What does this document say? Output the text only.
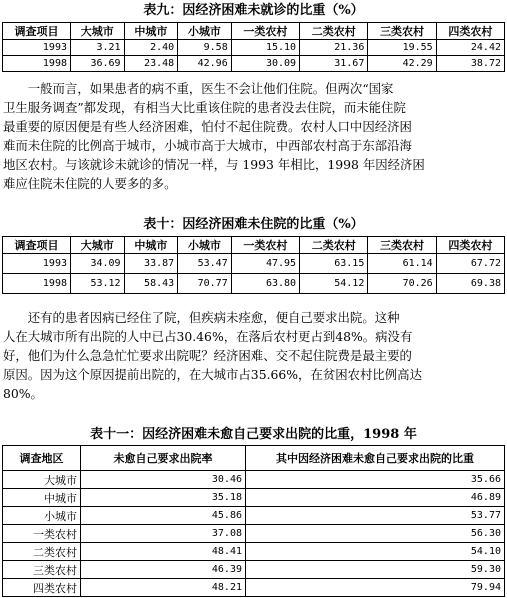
表九：因经济困难未就诊的比重（%）
调查项目	大城市	中城市	小城市	一类农村	二类农村	三类农村	四类农村
1993	3.21	2.40	9.58	15.10	21.36	19.55	24.42
1998	36.69	23.48	42.96	30.09	31.67	42.29	38.72
　　一般而言，如果患者的病不重，医生不会让他们住院。但两次“国家
卫生服务调查”都发现，有相当大比重该住院的患者没去住院，而未能住院
最重要的原因便是有些人经济困难，怕付不起住院费。农村人口中因经济困
难而未住院的比例高于城市，小城市高于大城市，中西部农村高于东部沿海
地区农村。与该就诊未就诊的情况一样，与 1993 年相比，1998 年因经济困
难应住院未住院的人要多的多。
表十：因经济困难未住院的比重（%）
调查项目	大城市	中城市	小城市	一类农村	二类农村	三类农村	四类农村
1993	34.09	33.87	53.47	47.95	63.15	61.14	67.72
1998	53.12	58.43	70.77	63.80	54.12	70.26	69.38
　　还有的患者因病已经住了院，但疾病未痊愈，便自己要求出院。这种
人在大城市所有出院的人中已占30.46%，在落后农村更占到48%。病没有
好，他们为什么急急忙忙要求出院呢？经济困难、交不起住院费是最主要的
原因。因为这个原因提前出院的，在大城市占35.66%，在贫困农村比例高达
80%。
表十一：因经济困难未愈自己要求出院的比重，1998 年
调查地区	未愈自己要求出院率	其中因经济困难未愈自己要求出院的比重
大城市	30.46	35.66
中城市	35.18	46.89
小城市	45.86	53.77
一类农村	37.08	56.30
二类农村	48.41	54.10
三类农村	46.39	59.30
四类农村	48.21	79.94
